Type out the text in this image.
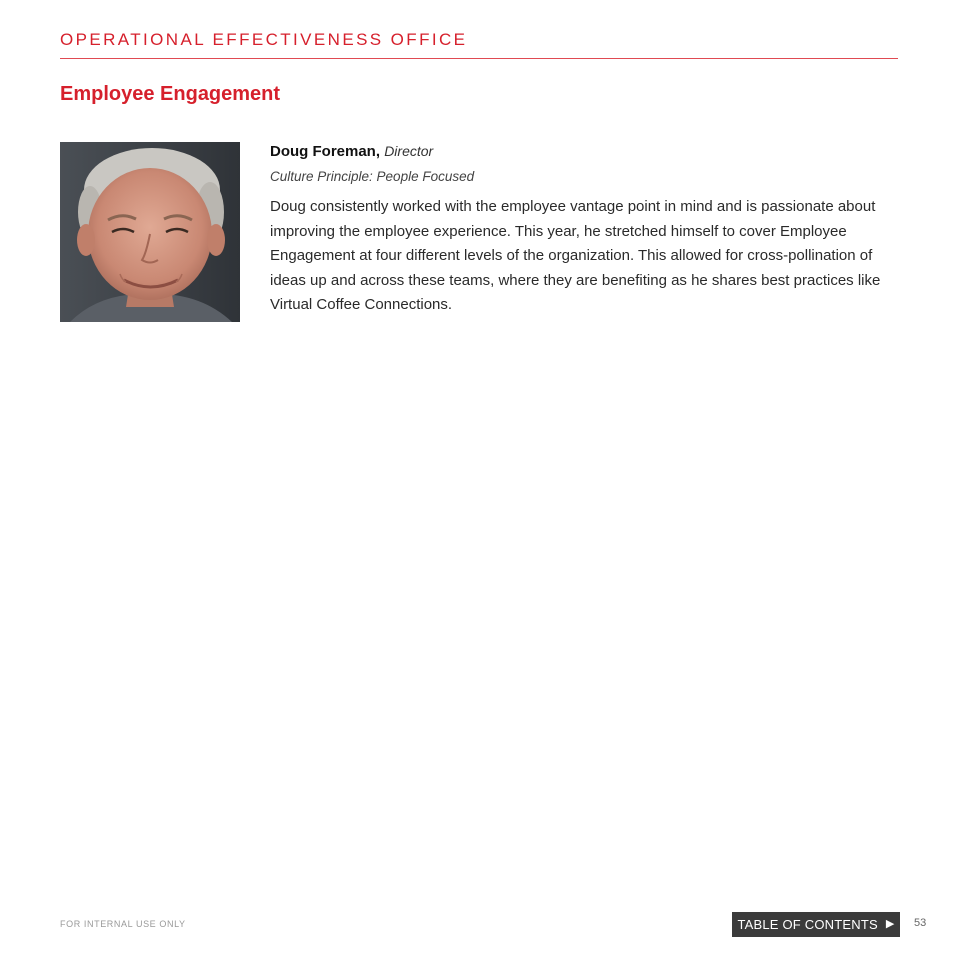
OPERATIONAL EFFECTIVENESS OFFICE
Employee Engagement
Doug Foreman, Director
Culture Principle: People Focused

Doug consistently worked with the employee vantage point in mind and is passionate about improving the employee experience. This year, he stretched himself to cover Employee Engagement at four different levels of the organization. This allowed for cross-pollination of ideas up and across these teams, where they are benefiting as he shares best practices like Virtual Coffee Connections.

FOR INTERNAL USE ONLY	TABLE OF CONTENTS ▶ 53
